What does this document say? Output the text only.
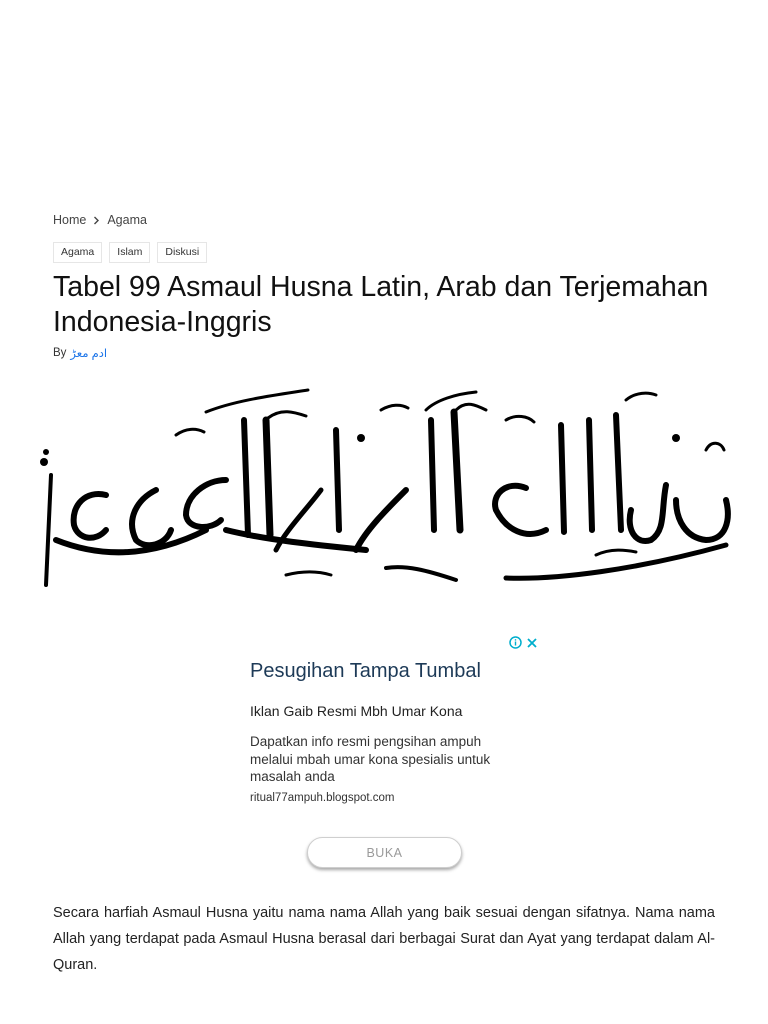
Home Agama
Agama	Islam	Diskusi
Tabel 99 Asmaul Husna Latin, Arab dan Terjemahan Indonesia-Inggris
By ادم معڑ
Pesugihan Tampa Tumbal
Iklan Gaib Resmi Mbh Umar Kona
Dapatkan info resmi pengsihan ampuh melalui mbah umar kona spesialis untuk masalah anda
ritual77ampuh.blogspot.com
BUKA

Secara harfiah Asmaul Husna yaitu nama nama Allah yang baik sesuai dengan sifatnya. Nama nama Allah yang terdapat pada Asmaul Husna berasal dari berbagai Surat dan Ayat yang terdapat dalam Al-Quran.
